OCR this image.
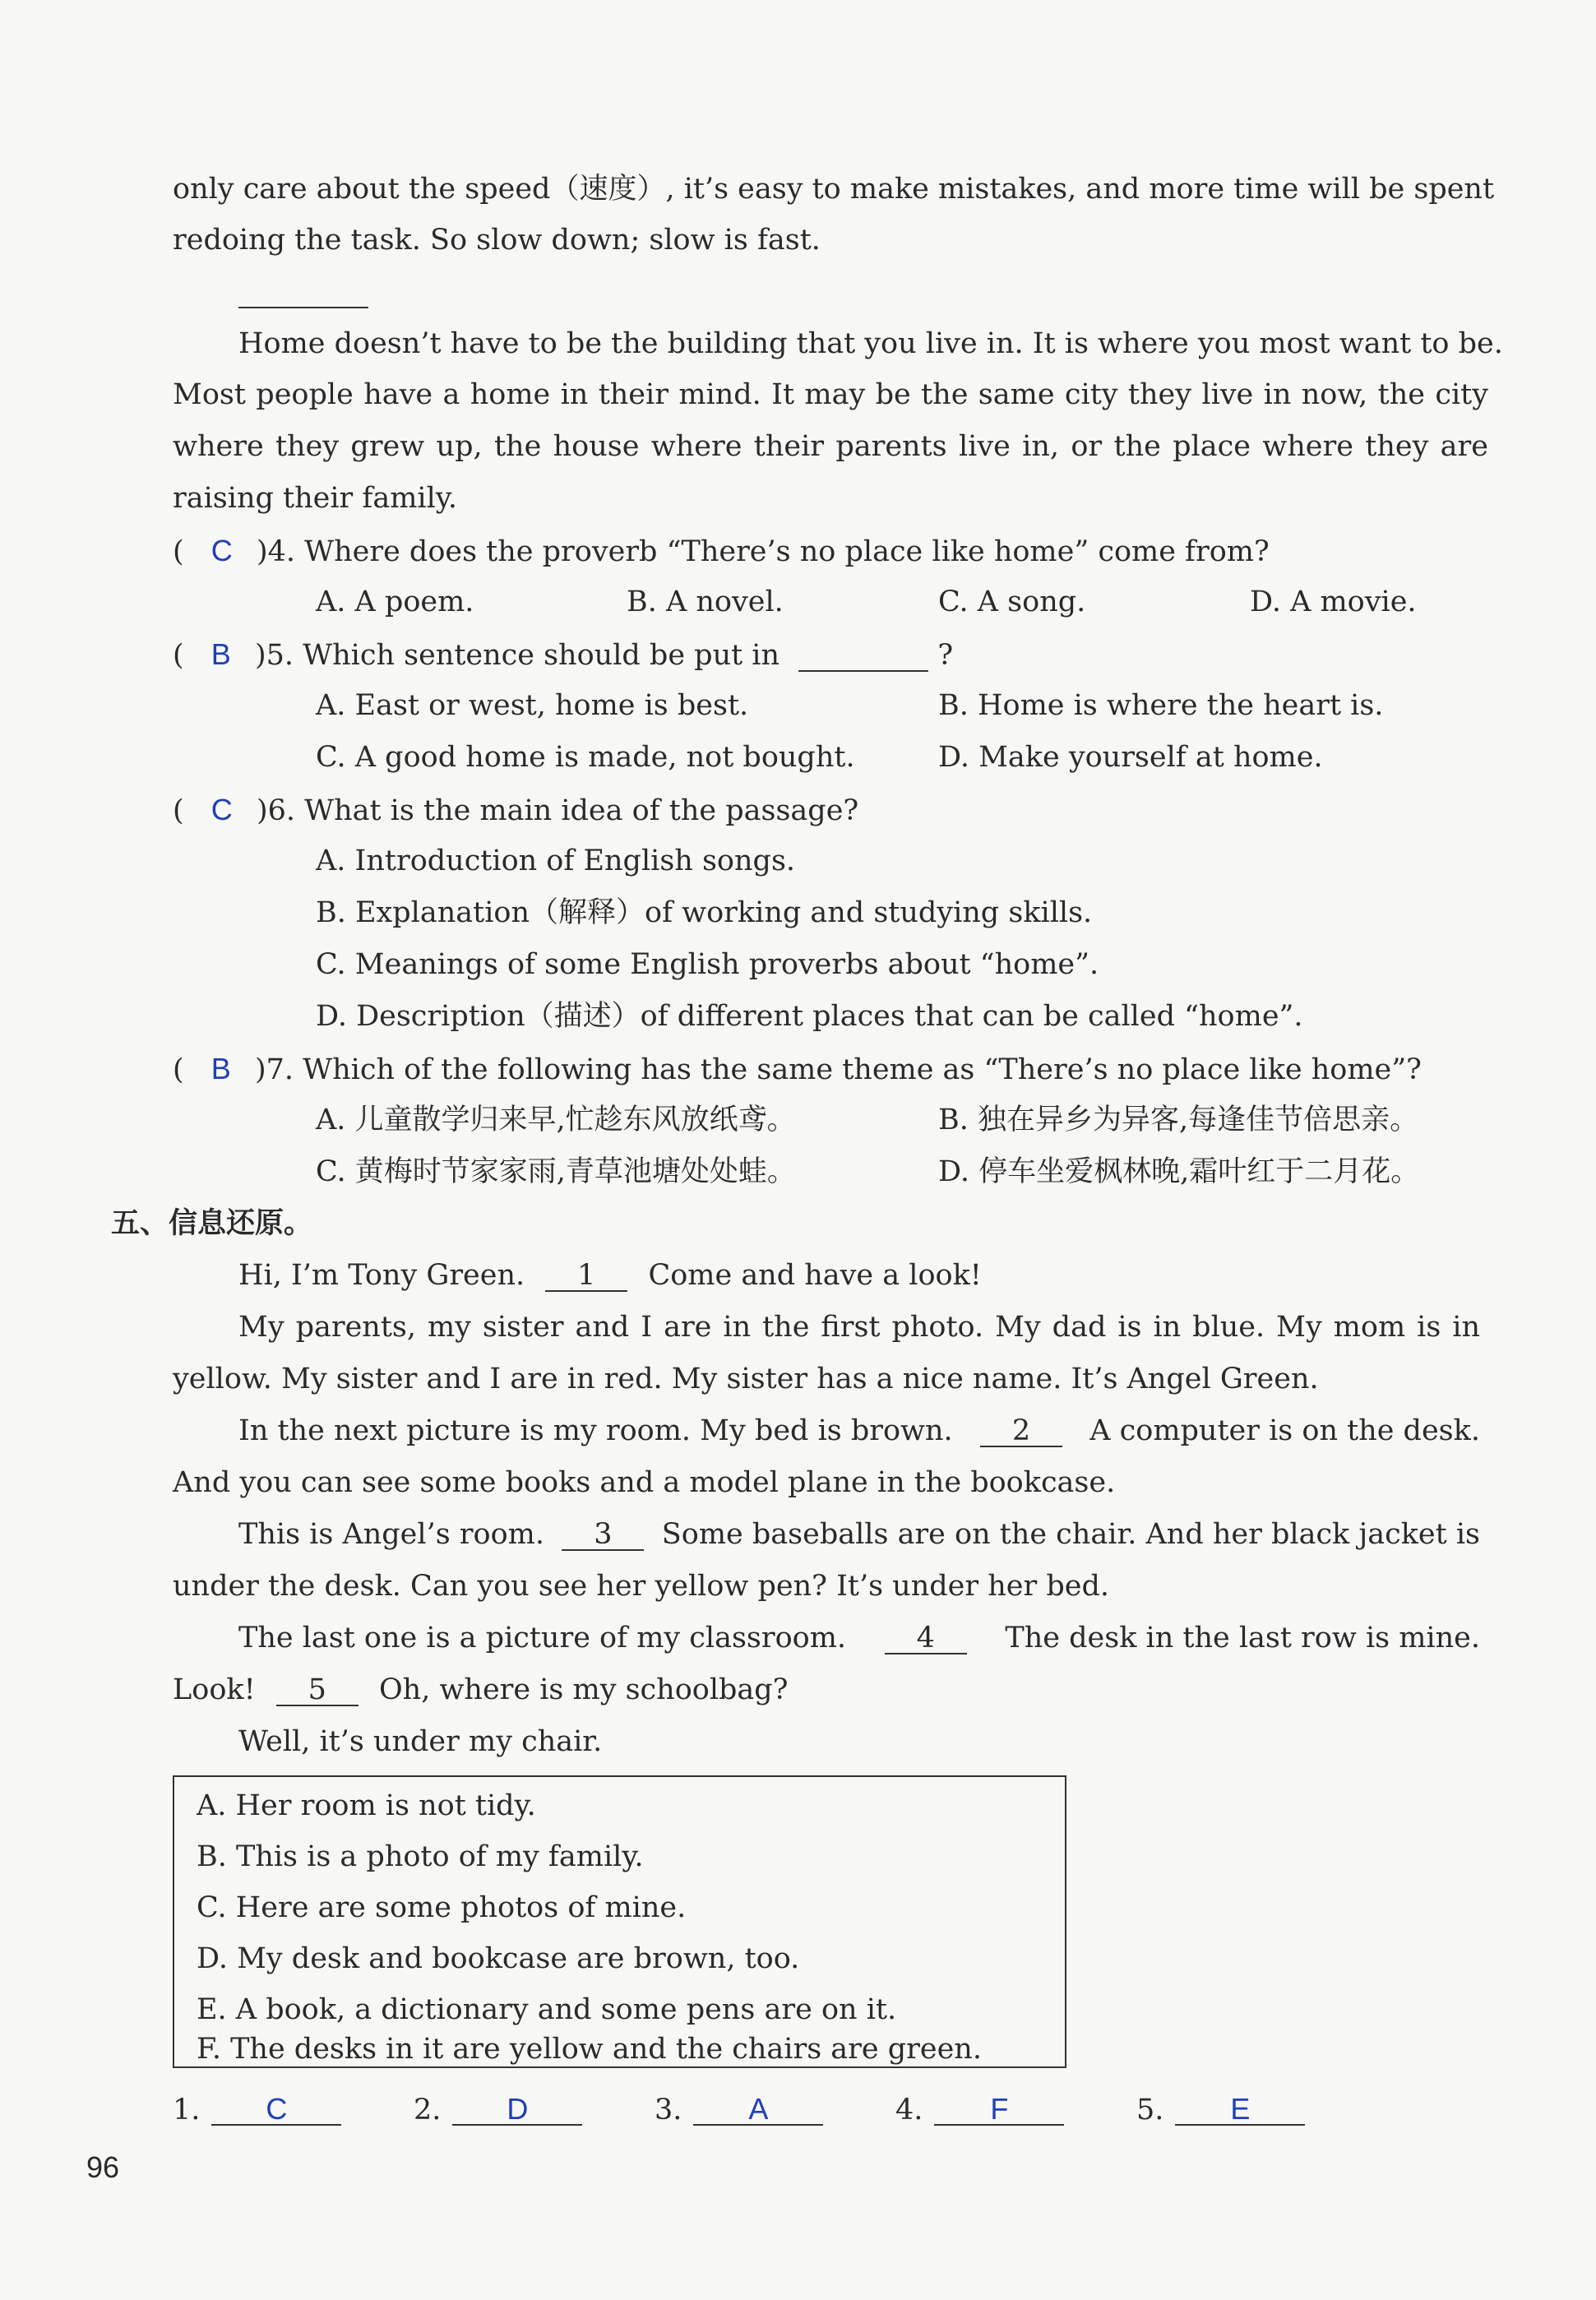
only care about the speed（速度）, it’s easy to make mistakes, and more time will be spent
redoing the task. So slow down; slow is fast.
Home doesn’t have to be the building that you live in. It is where you most want to be.
Most people have a home in their mind. It may be the same city they live in now, the city
where they grew up, the house where their parents live in, or the place where they are
raising their family.
( C )4. Where does the proverb “There’s no place like home” come from?
A. A poem.	B. A novel.	C. A song.	D. A movie.
( B )5. Which sentence should be put in	?
A. East or west, home is best.	B. Home is where the heart is.
C. A good home is made, not bought.	D. Make yourself at home.
( C )6. What is the main idea of the passage?
A. Introduction of English songs.
B. Explanation（解释）of working and studying skills.
C. Meanings of some English proverbs about “home”.
D. Description（描述）of different places that can be called “home”.
( B )7. Which of the following has the same theme as “There’s no place like home”?
A. 儿童散学归来早,忙趁东风放纸鸢。	B. 独在异乡为异客,每逢佳节倍思亲。
C. 黄梅时节家家雨,青草池塘处处蛙。	D. 停车坐爱枫林晚,霜叶红于二月花。
五、信息还原。
Hi, I’m Tony Green. 1 Come and have a look!
My parents, my sister and I are in the first photo. My dad is in blue. My mom is in
yellow. My sister and I are in red. My sister has a nice name. It’s Angel Green.
In the next picture is my room. My bed is brown.	2	A computer is on the desk.
And you can see some books and a model plane in the bookcase.
This is Angel’s room.	3	Some baseballs are on the chair. And her black jacket is
under the desk. Can you see her yellow pen? It’s under her bed.
The last one is a picture of my classroom.	4	The desk in the last row is mine.
Look! 5 Oh, where is my schoolbag?
Well, it’s under my chair.
A. Her room is not tidy.
B. This is a photo of my family.
C. Here are some photos of mine.
D. My desk and bookcase are brown, too.
E. A book, a dictionary and some pens are on it.
F. The desks in it are yellow and the chairs are green.
1. C	2. D	3. A	4. F	5. E
96
